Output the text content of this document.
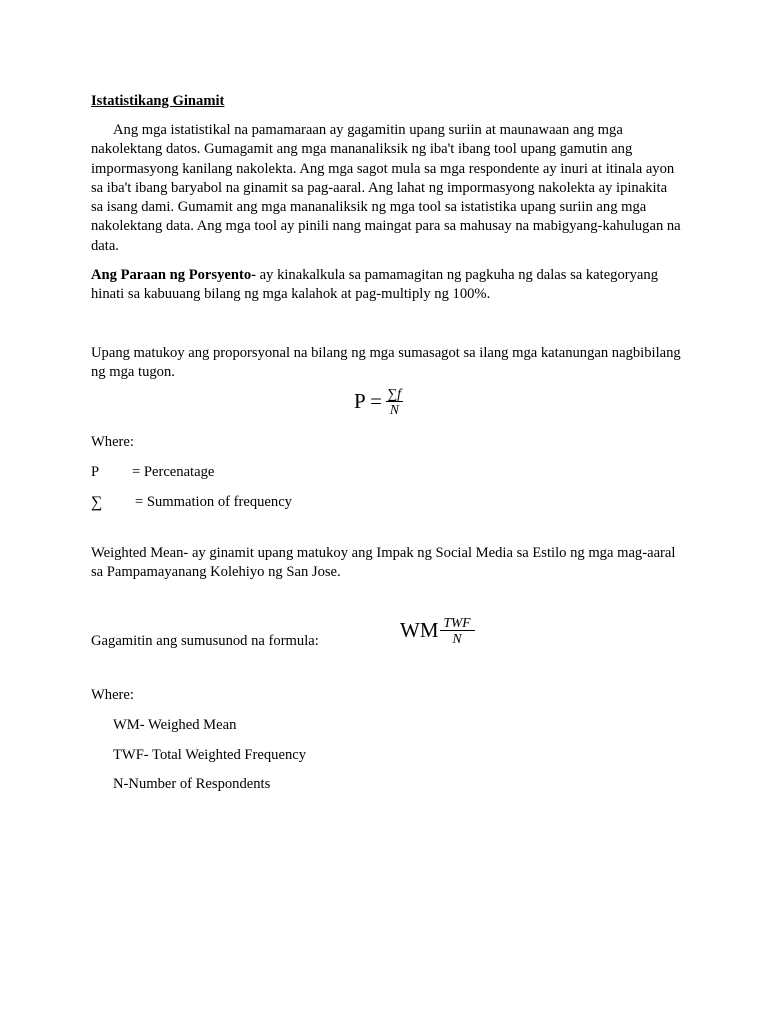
Istatistikang Ginamit

Ang mga istatistikal na pamamaraan ay gagamitin upang suriin at maunawaan ang mga nakolektang datos. Gumagamit ang mga mananaliksik ng iba't ibang tool upang gamutin ang impormasyong kanilang nakolekta. Ang mga sagot mula sa mga respondente ay inuri at itinala ayon sa iba't ibang baryabol na ginamit sa pag-aaral. Ang lahat ng impormasyong nakolekta ay ipinakita sa isang dami. Gumamit ang mga mananaliksik ng mga tool sa istatistika upang suriin ang mga nakolektang data. Ang mga tool ay pinili nang maingat para sa mahusay na mabigyang-kahulugan na data.

Ang Paraan ng Porsyento- ay kinakalkula sa pamamagitan ng pagkuha ng dalas sa kategoryang hinati sa kabuuang bilang ng mga kalahok at pag-multiply ng 100%.

Upang matukoy ang proporsyonal na bilang ng mga sumasagot sa ilang mga katanungan nagbibilang ng mga tugon.

$P = \frac{\sum f}{N}$

Where:

P = Percenatage
∑ = Summation of frequency

Weighted Mean- ay ginamit upang matukoy ang Impak ng Social Media sa Estilo ng mga mag-aaral sa Pampamayanang Kolehiyo ng San Jose.

Gagamitin ang sumusunod na formula:	WM $\frac{\text{TWF}}{N}$

Where:

WM- Weighed Mean

TWF- Total Weighted Frequency

N-Number of Respondents
